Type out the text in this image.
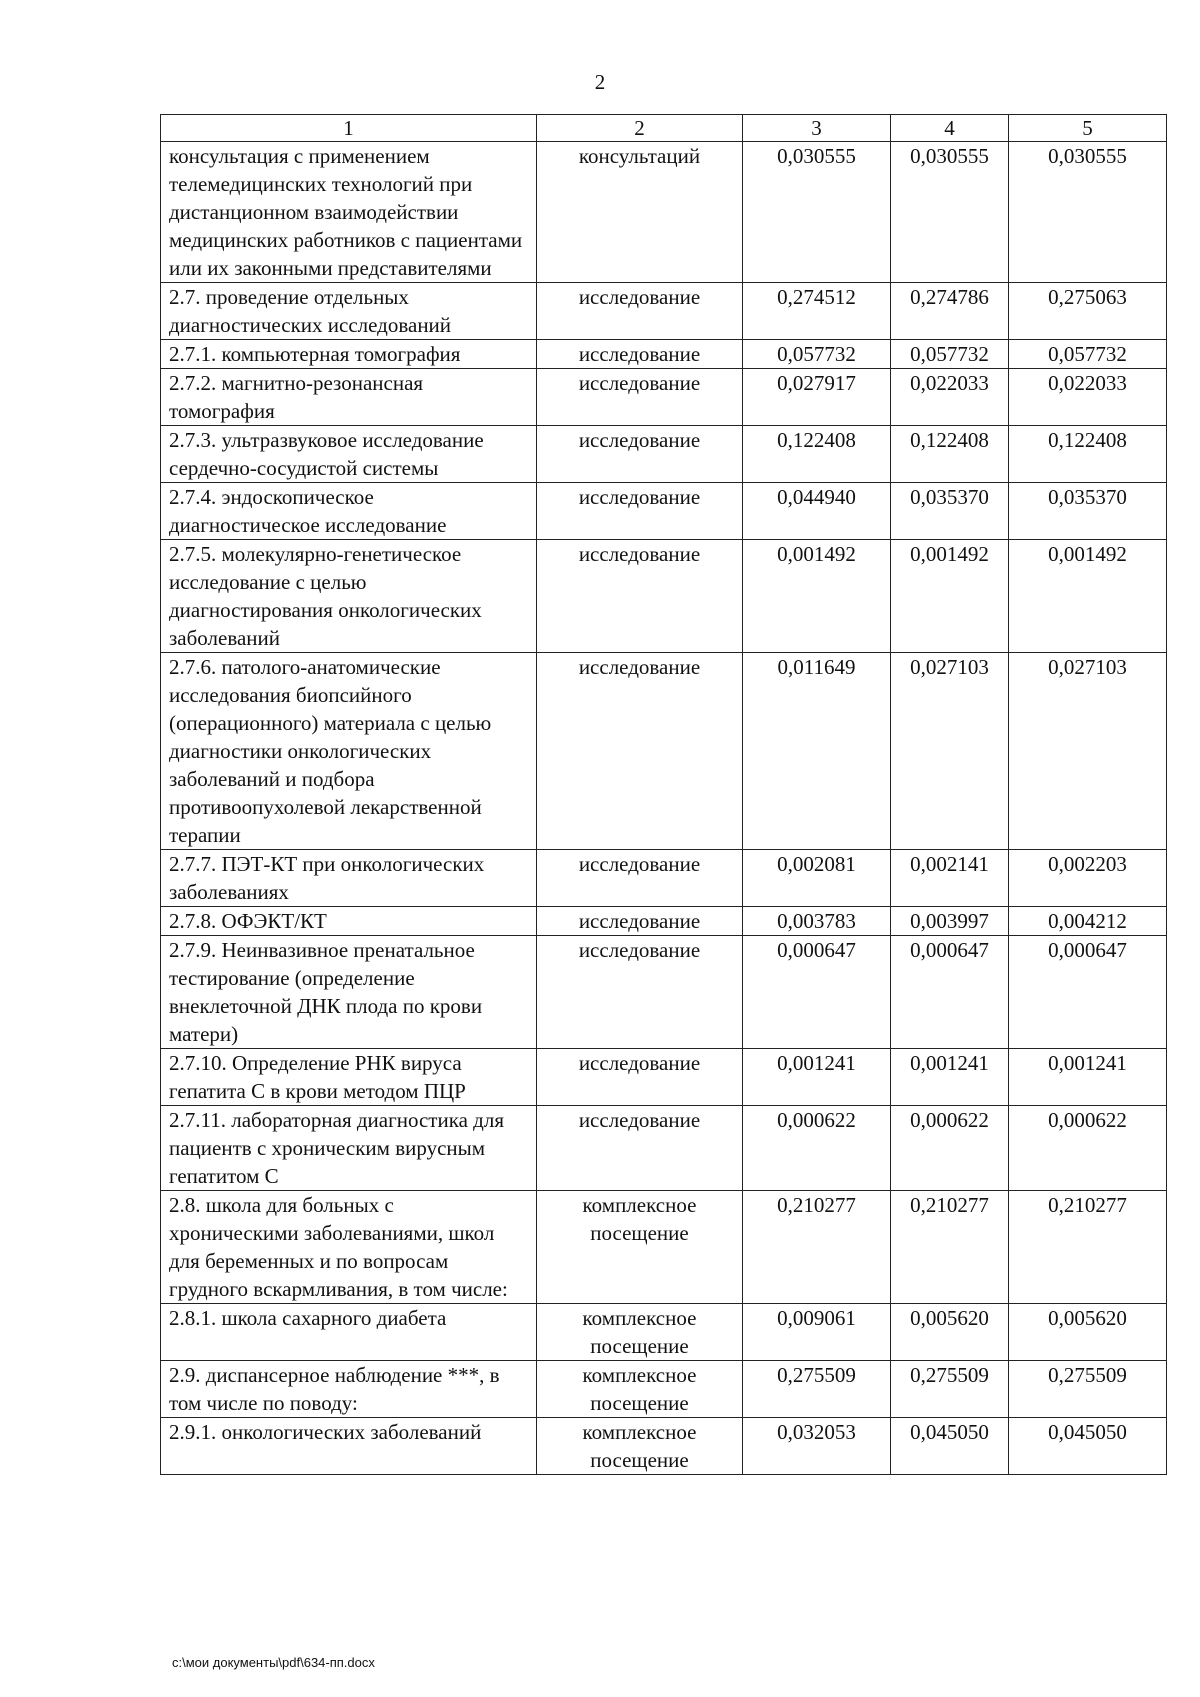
2
1	2	3	4	5
консультация с применением телемедицинских технологий при дистанционном взаимодействии медицинских работников с пациентами или их законными представителями	консультаций	0,030555	0,030555	0,030555
2.7. проведение отдельных диагностических исследований	исследование	0,274512	0,274786	0,275063
2.7.1. компьютерная томография	исследование	0,057732	0,057732	0,057732
2.7.2. магнитно-резонансная томография	исследование	0,027917	0,022033	0,022033
2.7.3. ультразвуковое исследование сердечно-сосудистой системы	исследование	0,122408	0,122408	0,122408
2.7.4. эндоскопическое диагностическое исследование	исследование	0,044940	0,035370	0,035370
2.7.5. молекулярно-генетическое исследование с целью диагностирования онкологических заболеваний	исследование	0,001492	0,001492	0,001492
2.7.6. патолого-анатомические исследования биопсийного (операционного) материала с целью диагностики онкологических заболеваний и подбора противоопухолевой лекарственной терапии	исследование	0,011649	0,027103	0,027103
2.7.7. ПЭТ-КТ при онкологических заболеваниях	исследование	0,002081	0,002141	0,002203
2.7.8. ОФЭКТ/КТ	исследование	0,003783	0,003997	0,004212
2.7.9. Неинвазивное пренатальное тестирование (определение внеклеточной ДНК плода по крови матери)	исследование	0,000647	0,000647	0,000647
2.7.10. Определение РНК вируса гепатита С в крови методом ПЦР	исследование	0,001241	0,001241	0,001241
2.7.11. лабораторная диагностика для пациентв с хроническим вирусным гепатитом С	исследование	0,000622	0,000622	0,000622
2.8. школа для больных с хроническими заболеваниями, школ для беременных и по вопросам грудного вскармливания, в том числе:	комплексное посещение	0,210277	0,210277	0,210277
2.8.1. школа сахарного диабета	комплексное посещение	0,009061	0,005620	0,005620
2.9. диспансерное наблюдение ***, в том числе по поводу:	комплексное посещение	0,275509	0,275509	0,275509
2.9.1. онкологических заболеваний	комплексное посещение	0,032053	0,045050	0,045050
c:\мои документы\pdf\634-пп.docx
